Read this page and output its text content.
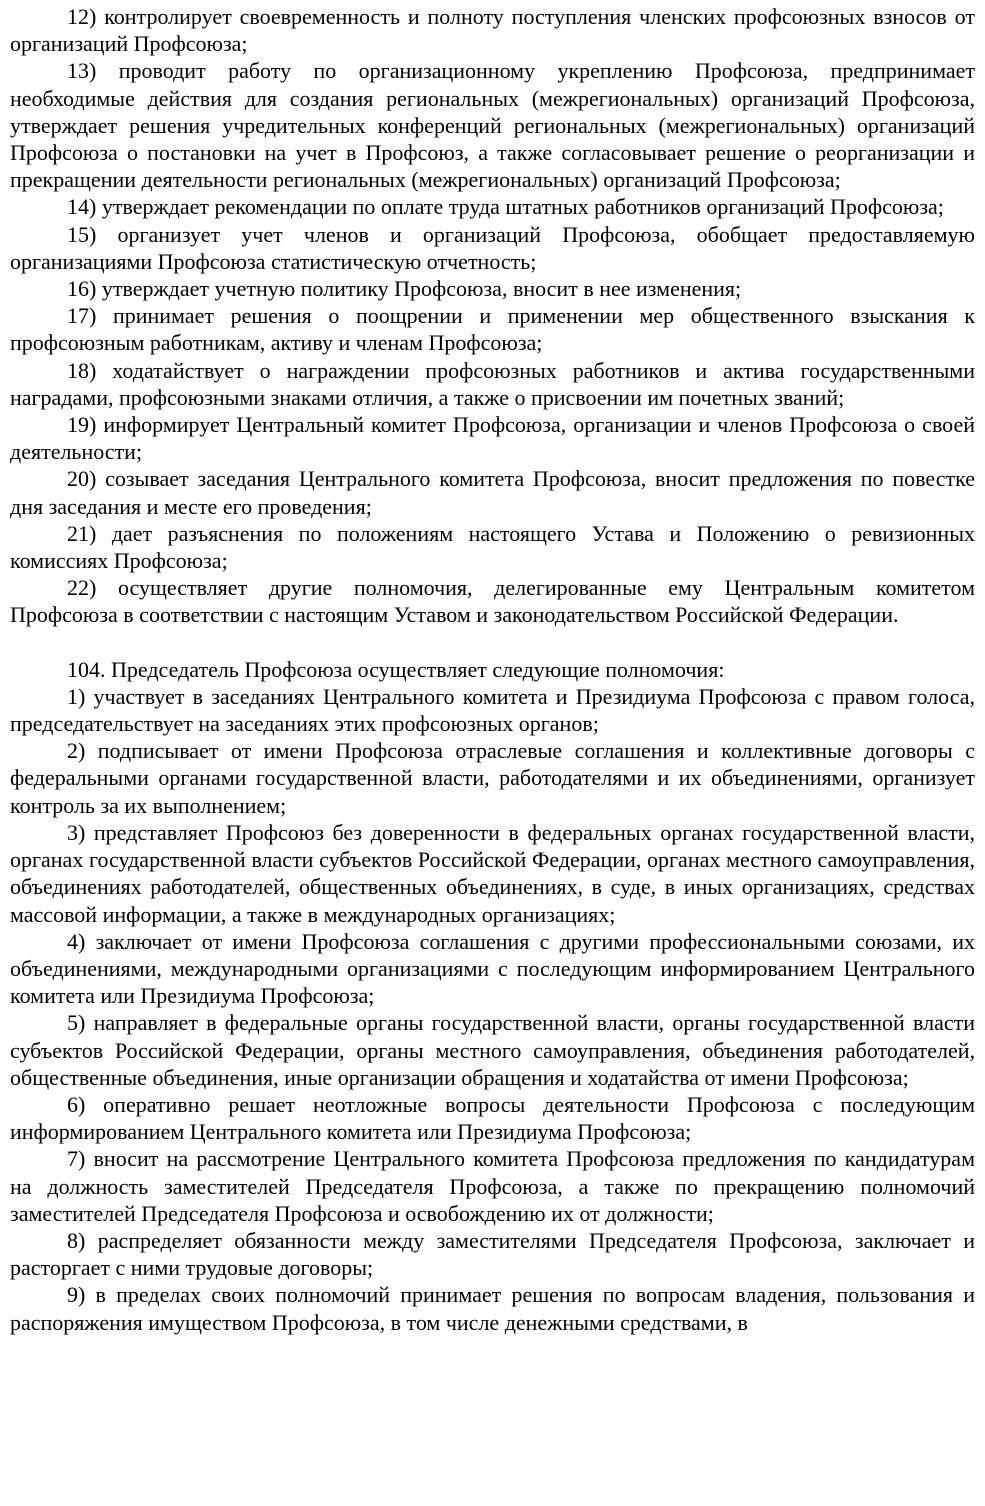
12) контролирует своевременность и полноту поступления членских профсоюзных взносов от организаций Профсоюза;

13) проводит работу по организационному укреплению Профсоюза, предпринимает необходимые действия для создания региональных (межрегиональных) организаций Профсоюза, утверждает решения учредительных конференций региональных (межрегиональных) организаций Профсоюза о постановки на учет в Профсоюз, а также согласовывает решение о реорганизации и прекращении деятельности региональных (межрегиональных) организаций Профсоюза;

14) утверждает рекомендации по оплате труда штатных работников организаций Профсоюза;

15) организует учет членов и организаций Профсоюза, обобщает предоставляемую организациями Профсоюза статистическую отчетность;

16) утверждает учетную политику Профсоюза, вносит в нее изменения;

17) принимает решения о поощрении и применении мер общественного взыскания к профсоюзным работникам, активу и членам Профсоюза;

18) ходатайствует о награждении профсоюзных работников и актива государственными наградами, профсоюзными знаками отличия, а также о присвоении им почетных званий;

19) информирует Центральный комитет Профсоюза, организации и членов Профсоюза о своей деятельности;

20) созывает заседания Центрального комитета Профсоюза, вносит предложения по повестке дня заседания и месте его проведения;

21) дает разъяснения по положениям настоящего Устава и Положению о ревизионных комиссиях Профсоюза;

22) осуществляет другие полномочия, делегированные ему Центральным комитетом Профсоюза в соответствии с настоящим Уставом и законодательством Российской Федерации.

104. Председатель Профсоюза осуществляет следующие полномочия:

1) участвует в заседаниях Центрального комитета и Президиума Профсоюза с правом голоса, председательствует на заседаниях этих профсоюзных органов;

2) подписывает от имени Профсоюза отраслевые соглашения и коллективные договоры с федеральными органами государственной власти, работодателями и их объединениями, организует контроль за их выполнением;

3) представляет Профсоюз без доверенности в федеральных органах государственной власти, органах государственной власти субъектов Российской Федерации, органах местного самоуправления, объединениях работодателей, общественных объединениях, в суде, в иных организациях, средствах массовой информации, а также в международных организациях;

4) заключает от имени Профсоюза соглашения с другими профессиональными союзами, их объединениями, международными организациями с последующим информированием Центрального комитета или Президиума Профсоюза;

5) направляет в федеральные органы государственной власти, органы государственной власти субъектов Российской Федерации, органы местного самоуправления, объединения работодателей, общественные объединения, иные организации обращения и ходатайства от имени Профсоюза;

6) оперативно решает неотложные вопросы деятельности Профсоюза с последующим информированием Центрального комитета или Президиума Профсоюза;

7) вносит на рассмотрение Центрального комитета Профсоюза предложения по кандидатурам на должность заместителей Председателя Профсоюза, а также по прекращению полномочий заместителей Председателя Профсоюза и освобождению их от должности;

8) распределяет обязанности между заместителями Председателя Профсоюза, заключает и расторгает с ними трудовые договоры;

9) в пределах своих полномочий принимает решения по вопросам владения, пользования и распоряжения имуществом Профсоюза, в том числе денежными средствами, в
